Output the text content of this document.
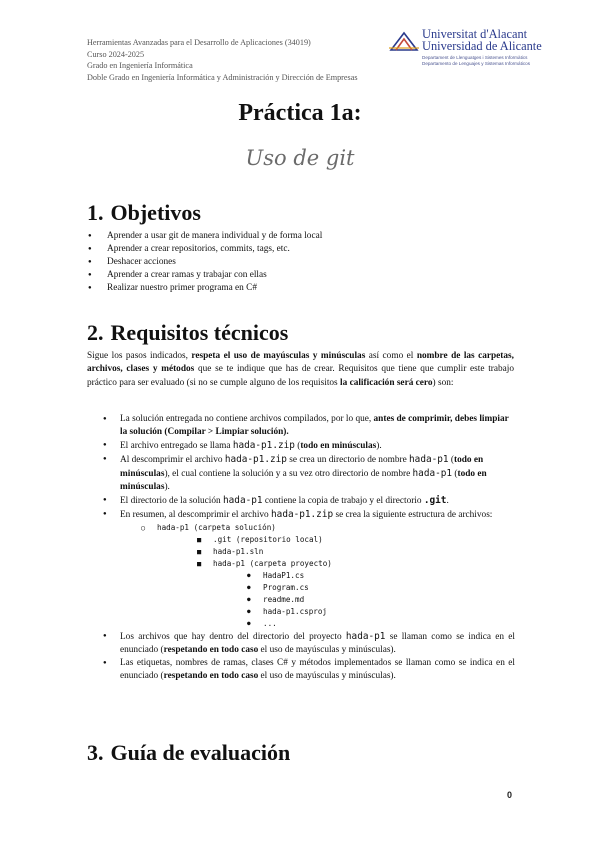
Herramientas Avanzadas para el Desarrollo de Aplicaciones (34019)
Curso 2024-2025
Grado en Ingeniería Informática
Doble Grado en Ingeniería Informática y Administración y Dirección de Empresas
Universitat d'Alacant
Universidad de Alicante
Departament de Llenguatges i Sistemes Informàtics
Departamento de Lenguajes y Sistemas Informáticos
Práctica 1a:
Uso de git
1. Objetivos
● Aprender a usar git de manera individual y de forma local
● Aprender a crear repositorios, commits, tags, etc.
● Deshacer acciones
● Aprender a crear ramas y trabajar con ellas
● Realizar nuestro primer programa en C#
2. Requisitos técnicos

Sigue los pasos indicados, respeta el uso de mayúsculas y minúsculas así como el nombre de las carpetas, archivos, clases y métodos que se te indique que has de crear. Requisitos que tiene que cumplir este trabajo práctico para ser evaluado (si no se cumple alguno de los requisitos la calificación será cero) son:

● La solución entregada no contiene archivos compilados, por lo que, antes de comprimir, debes limpiar la solución (Compilar > Limpiar solución).
● El archivo entregado se llama hada-p1.zip (todo en minúsculas).
● Al descomprimir el archivo hada-p1.zip se crea un directorio de nombre hada-p1 (todo en minúsculas), el cual contiene la solución y a su vez otro directorio de nombre hada-p1 (todo en minúsculas).
● El directorio de la solución hada-p1 contiene la copia de trabajo y el directorio .git.
● En resumen, al descomprimir el archivo hada-p1.zip se crea la siguiente estructura de archivos:
○ hada-p1 (carpeta solución)
■ .git (repositorio local)
■ hada-p1.sln
■ hada-p1 (carpeta proyecto)
● HadaP1.cs
● Program.cs
● readme.md
● hada-p1.csproj
● ...
● Los archivos que hay dentro del directorio del proyecto hada-p1 se llaman como se indica en el enunciado (respetando en todo caso el uso de mayúsculas y minúsculas).
● Las etiquetas, nombres de ramas, clases C# y métodos implementados se llaman como se indica en el enunciado (respetando en todo caso el uso de mayúsculas y minúsculas).
3. Guía de evaluación
0
